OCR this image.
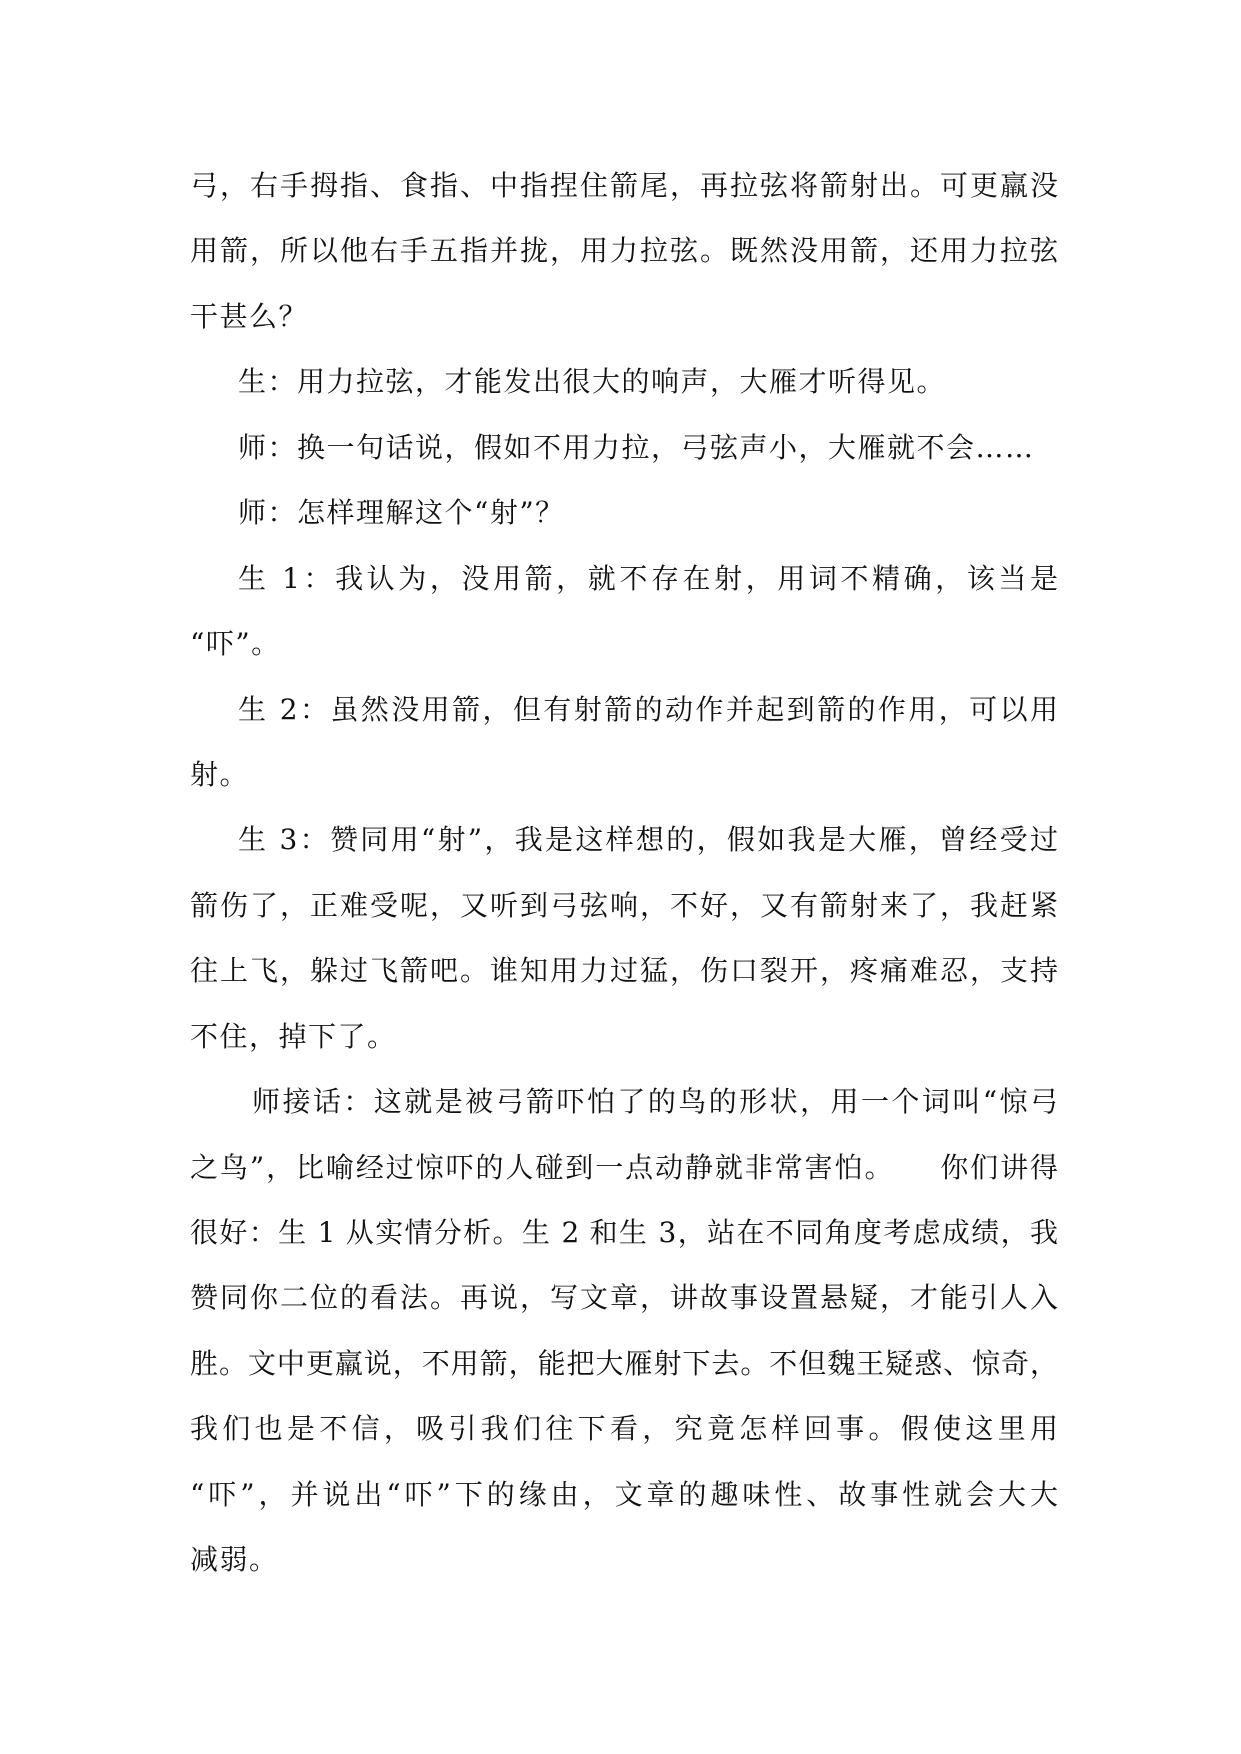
弓，右手拇指、食指、中指捏住箭尾，再拉弦将箭射出。可更羸没
用箭，所以他右手五指并拢，用力拉弦。既然没用箭，还用力拉弦
干甚么？
生：用力拉弦，才能发出很大的响声，大雁才听得见。
师：换一句话说，假如不用力拉，弓弦声小，大雁就不会……
师：怎样理解这个“射”？
生 1：我认为，没用箭，就不存在射，用词不精确，该当是
“吓”。
生 2：虽然没用箭，但有射箭的动作并起到箭的作用，可以用
射。
生 3：赞同用“射”，我是这样想的，假如我是大雁，曾经受过
箭伤了，正难受呢，又听到弓弦响，不好，又有箭射来了，我赶紧
往上飞，躲过飞箭吧。谁知用力过猛，伤口裂开，疼痛难忍，支持
不住，掉下了。
师接话：这就是被弓箭吓怕了的鸟的形状，用一个词叫“惊弓
之鸟”，比喻经过惊吓的人碰到一点动静就非常害怕。　　你们讲得
很好：生 1 从实情分析。生 2 和生 3，站在不同角度考虑成绩，我
赞同你二位的看法。再说，写文章，讲故事设置悬疑，才能引人入
胜。文中更羸说，不用箭，能把大雁射下去。不但魏王疑惑、惊奇，
我们也是不信，吸引我们往下看，究竟怎样回事。假使这里用
“吓”，并说出“吓”下的缘由，文章的趣味性、故事性就会大大
减弱。
